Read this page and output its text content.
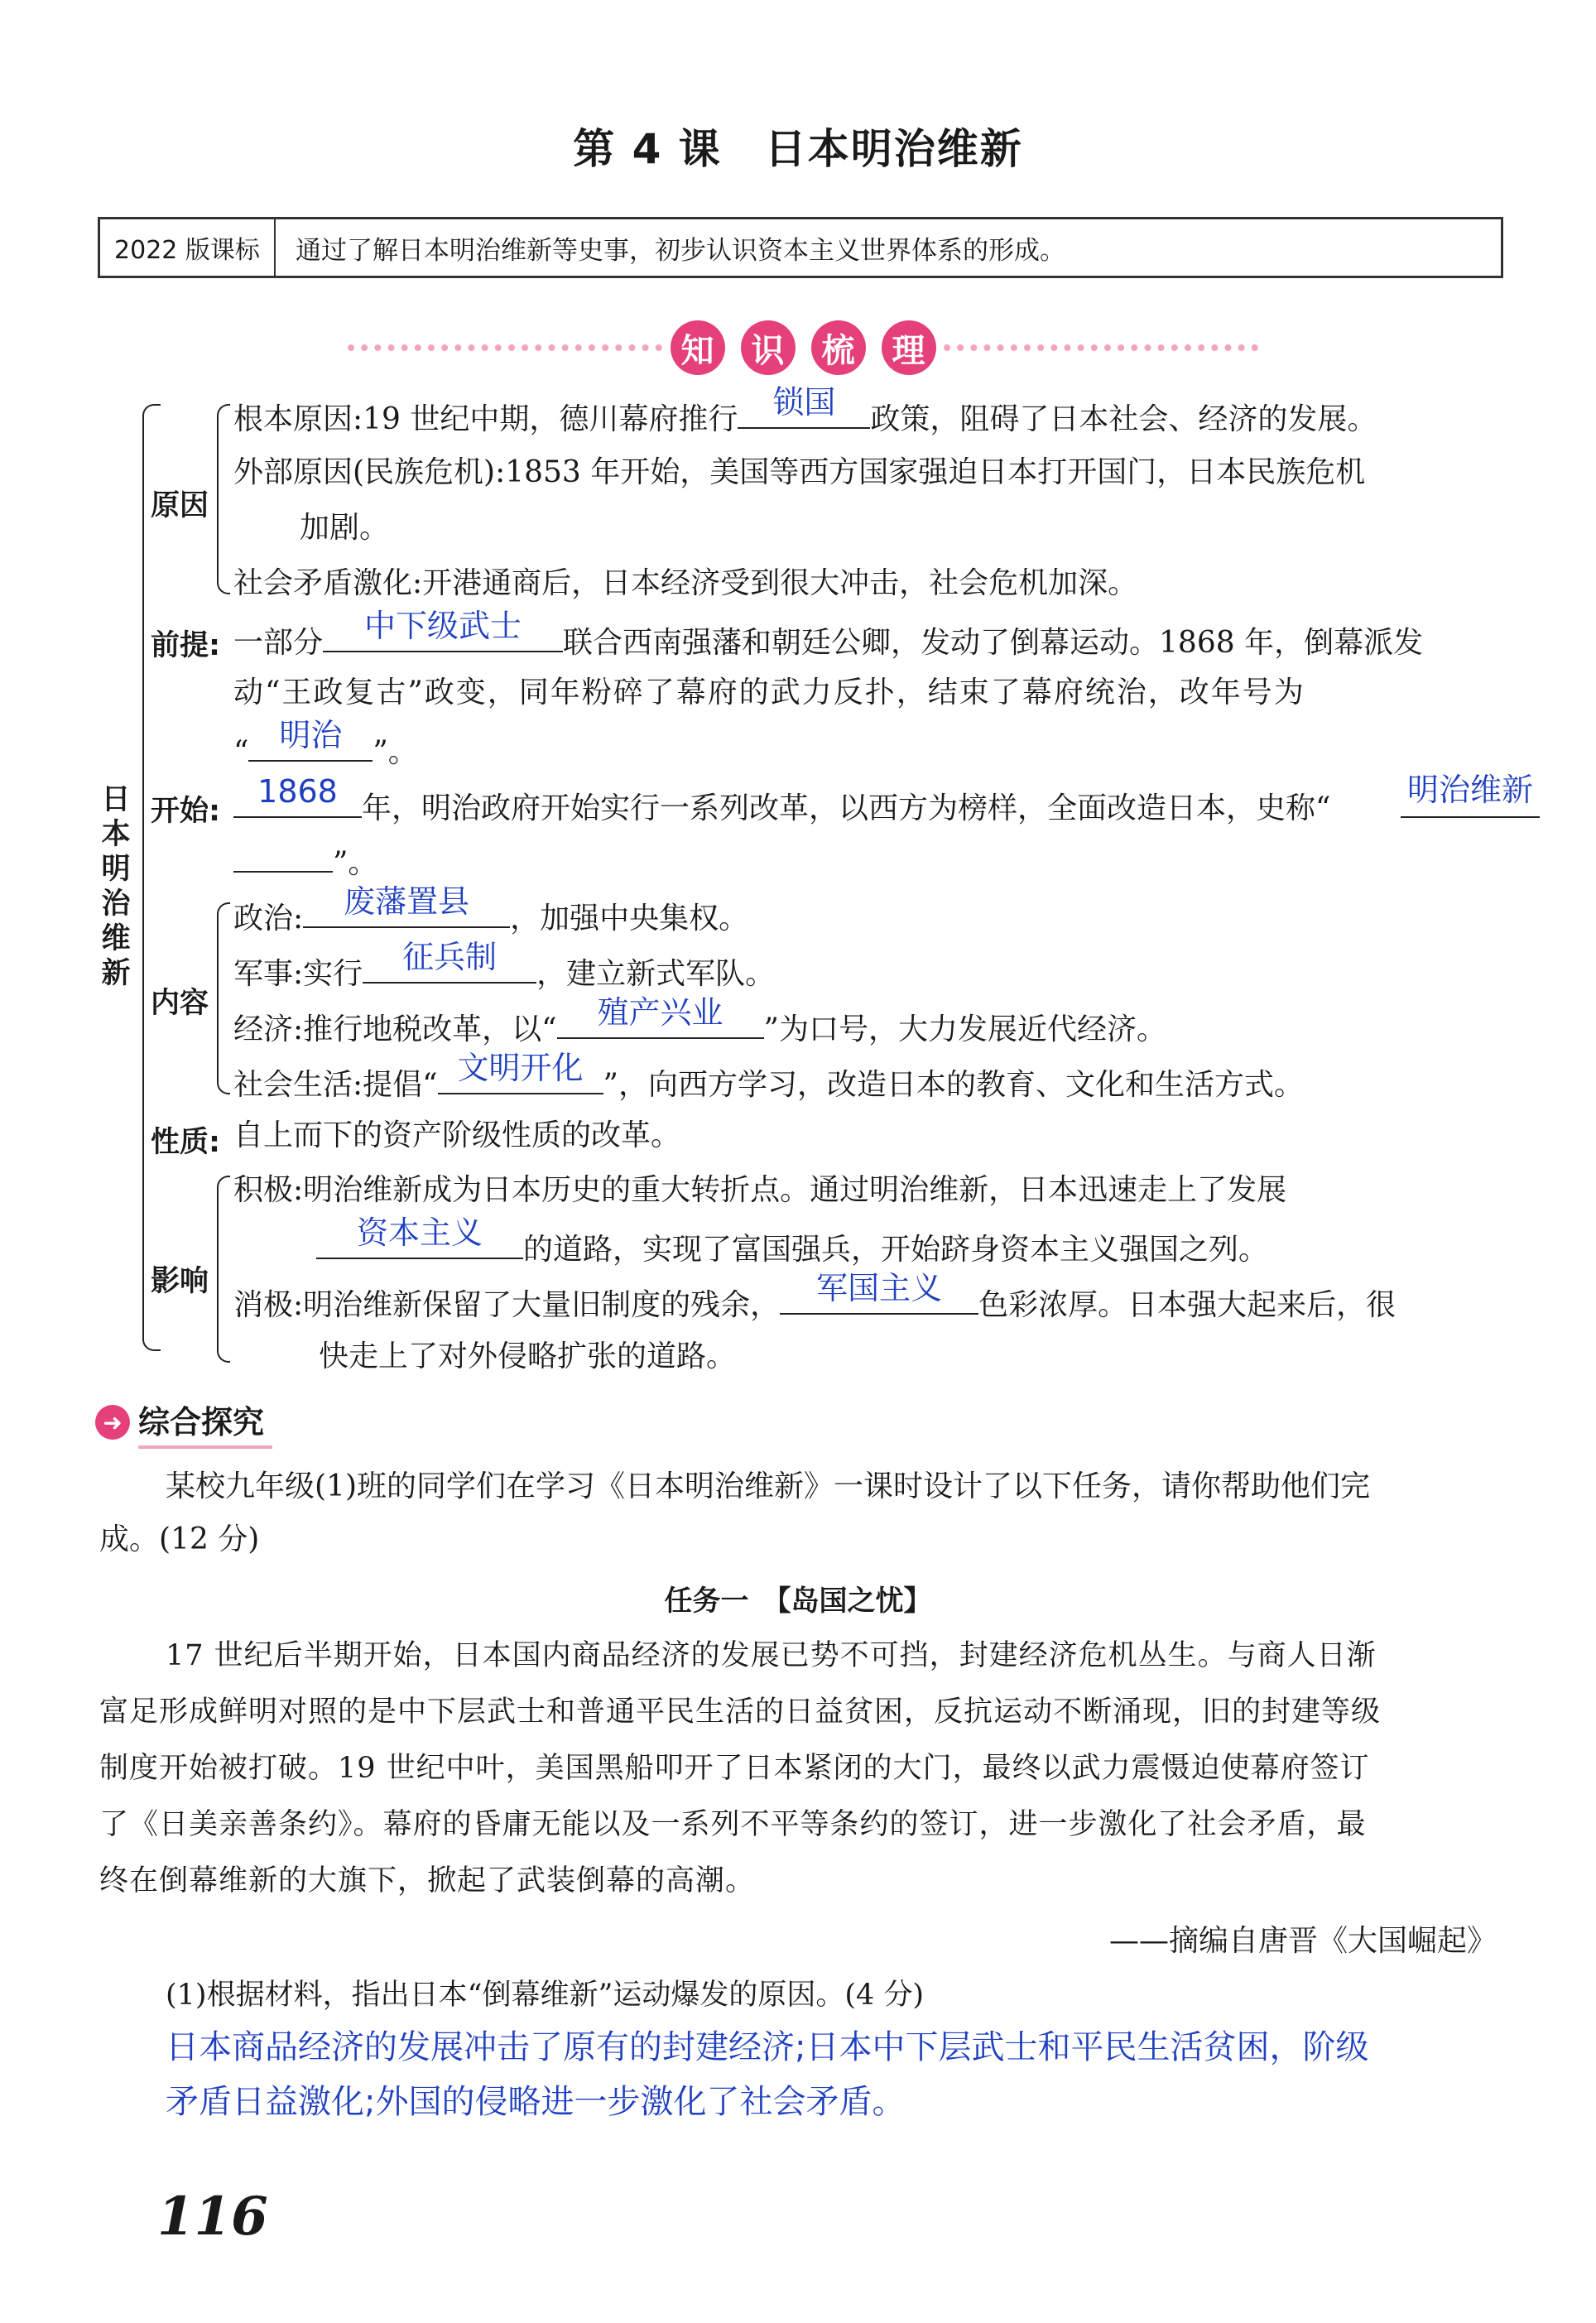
第 4 课　日本明治维新
2022 版课标	通过了解日本明治维新等史事，初步认识资本主义世界体系的形成。
知	识	梳	理
日
本
明
治
维
新
原因
根本原因:19 世纪中期，德川幕府推行	锁国	政策，阻碍了日本社会、经济的发展。
外部原因(民族危机):1853 年开始，美国等西方国家强迫日本打开国门，日本民族危机
加剧。
社会矛盾激化:开港通商后，日本经济受到很大冲击，社会危机加深。
前提: 一部分	中下级武士	联合西南强藩和朝廷公卿，发动了倒幕运动。1868 年，倒幕派发
动“王政复古”政变，同年粉碎了幕府的武力反扑，结束了幕府统治，改年号为
“ 明治	”。
开始:
1868 年，明治政府开始实行一系列改革，以西方为榜样，全面改造日本，史称“
明治维新
”。
内容
政治:	废藩置县	，加强中央集权。
军事:实行	征兵制	，建立新式军队。
经济:推行地税改革，以“	殖产兴业	”为口号，大力发展近代经济。
社会生活:提倡“ 文明开化 ”，向西方学习，改造日本的教育、文化和生活方式。
性质: 自上而下的资产阶级性质的改革。
影响
积极:明治维新成为日本历史的重大转折点。通过明治维新，日本迅速走上了发展
资本主义	的道路，实现了富国强兵，开始跻身资本主义强国之列。
消极:明治维新保留了大量旧制度的残余，	军国主义	色彩浓厚。日本强大起来后，很
快走上了对外侵略扩张的道路。
➜ 综合探究
某校九年级(1)班的同学们在学习《日本明治维新》一课时设计了以下任务，请你帮助他们完
成。(12 分)
任务一　【岛国之忧】
17 世纪后半期开始，日本国内商品经济的发展已势不可挡，封建经济危机丛生。与商人日渐
富足形成鲜明对照的是中下层武士和普通平民生活的日益贫困，反抗运动不断涌现，旧的封建等级
制度开始被打破。19 世纪中叶，美国黑船叩开了日本紧闭的大门，最终以武力震慑迫使幕府签订
了《日美亲善条约》。幕府的昏庸无能以及一系列不平等条约的签订，进一步激化了社会矛盾，最
终在倒幕维新的大旗下，掀起了武装倒幕的高潮。
——摘编自唐晋《大国崛起》
(1)根据材料，指出日本“倒幕维新”运动爆发的原因。(4 分)
日本商品经济的发展冲击了原有的封建经济;日本中下层武士和平民生活贫困，阶级
矛盾日益激化;外国的侵略进一步激化了社会矛盾。
116
